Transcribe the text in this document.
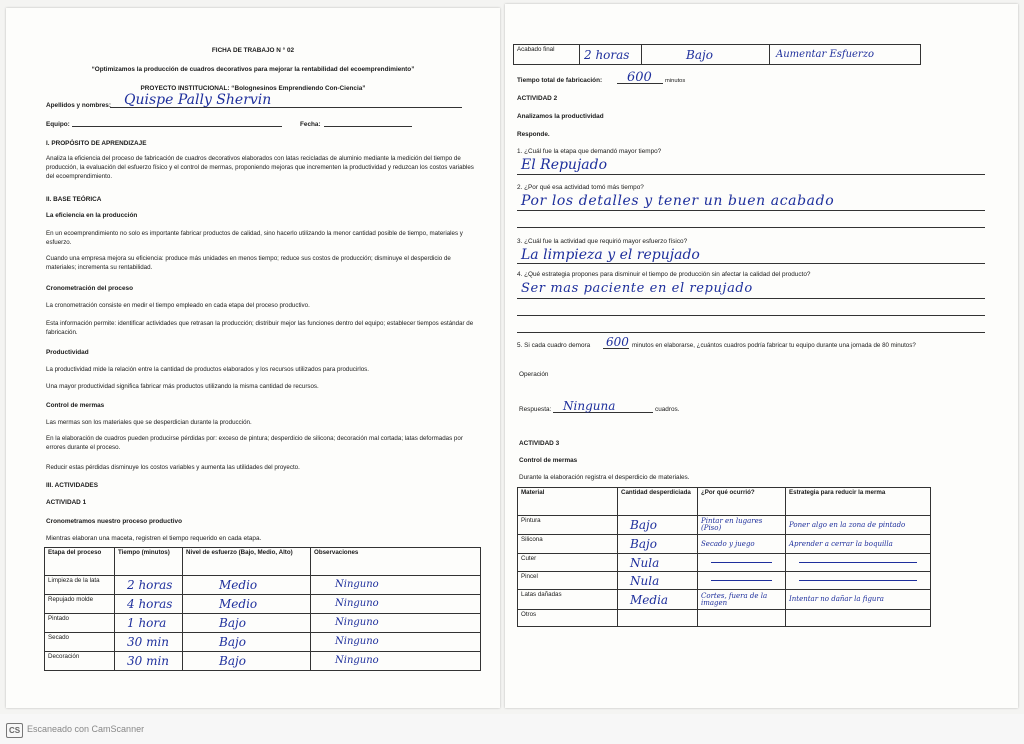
FICHA DE TRABAJO N ° 02
“Optimizamos la producción de cuadros decorativos para mejorar la rentabilidad del ecoemprendimiento”
PROYECTO INSTITUCIONAL: “Bolognesinos Emprendiendo Con-Ciencia”
Apellidos y nombres: Quispe Pally Shervin
Equipo:	Fecha:
I. PROPÓSITO DE APRENDIZAJE
Analiza la eficiencia del proceso de fabricación de cuadros decorativos elaborados con latas recicladas de aluminio mediante la medición del tiempo de producción, la evaluación del esfuerzo físico y el control de mermas, proponiendo mejoras que incrementen la productividad y reduzcan los costos variables del ecoemprendimiento.
II. BASE TEÓRICA
La eficiencia en la producción
En un ecoemprendimiento no solo es importante fabricar productos de calidad, sino hacerlo utilizando la menor cantidad posible de tiempo, materiales y esfuerzo.
Cuando una empresa mejora su eficiencia: produce más unidades en menos tiempo; reduce sus costos de producción; disminuye el desperdicio de materiales; incrementa su rentabilidad.
Cronometración del proceso
La cronometración consiste en medir el tiempo empleado en cada etapa del proceso productivo.
Esta información permite: identificar actividades que retrasan la producción; distribuir mejor las funciones dentro del equipo; establecer tiempos estándar de fabricación.
Productividad
La productividad mide la relación entre la cantidad de productos elaborados y los recursos utilizados para producirlos.
Una mayor productividad significa fabricar más productos utilizando la misma cantidad de recursos.
Control de mermas
Las mermas son los materiales que se desperdician durante la producción.
En la elaboración de cuadros pueden producirse pérdidas por: exceso de pintura; desperdicio de silicona; decoración mal cortada; latas deformadas por errores durante el proceso.
Reducir estas pérdidas disminuye los costos variables y aumenta las utilidades del proyecto.
III. ACTIVIDADES
ACTIVIDAD 1
Cronometramos nuestro proceso productivo
Mientras elaboran una maceta, registren el tiempo requerido en cada etapa.
Etapa del proceso	Tiempo (minutos)	Nivel de esfuerzo (Bajo, Medio, Alto)	Observaciones
Limpieza de la lata	2 horas	Medio	Ninguno
Repujado molde	4 horas	Medio	Ninguno
Pintado	1 hora	Bajo	Ninguno
Secado	30 min	Bajo	Ninguno
Decoración	30 min	Bajo	Ninguno
Acabado final	2 horas	Bajo	Aumentar Esfuerzo
Tiempo total de fabricación: 600 minutos
ACTIVIDAD 2
Analizamos la productividad
Responde.
1. ¿Cuál fue la etapa que demandó mayor tiempo?
El Repujado
2. ¿Por qué esa actividad tomó más tiempo?
Por los detalles y tener un buen acabado
3. ¿Cuál fue la actividad que requirió mayor esfuerzo físico?
La limpieza y el repujado
4. ¿Qué estrategia propones para disminuir el tiempo de producción sin afectar la calidad del producto?
Ser mas paciente en el repujado
5. Si cada cuadro demora 600 minutos en elaborarse, ¿cuántos cuadros podría fabricar tu equipo durante una jornada de 80 minutos?
Operación
Respuesta: Ninguna	cuadros.
ACTIVIDAD 3
Control de mermas
Durante la elaboración registra el desperdicio de materiales.
Material	Cantidad desperdiciada	¿Por qué ocurrió?	Estrategia para reducir la merma
Pintura	Bajo	Pintar en lugares (Piso)	Poner algo en la zona de pintado
Silicona	Bajo	Secado y juego	Aprender a cerrar la boquilla
Cuter	Nula	

Pincel	Nula	

Latas dañadas	Media	Cortes, fuera de la imagen	Intentar no dañar la figura
Otros			
CS Escaneado con CamScanner
